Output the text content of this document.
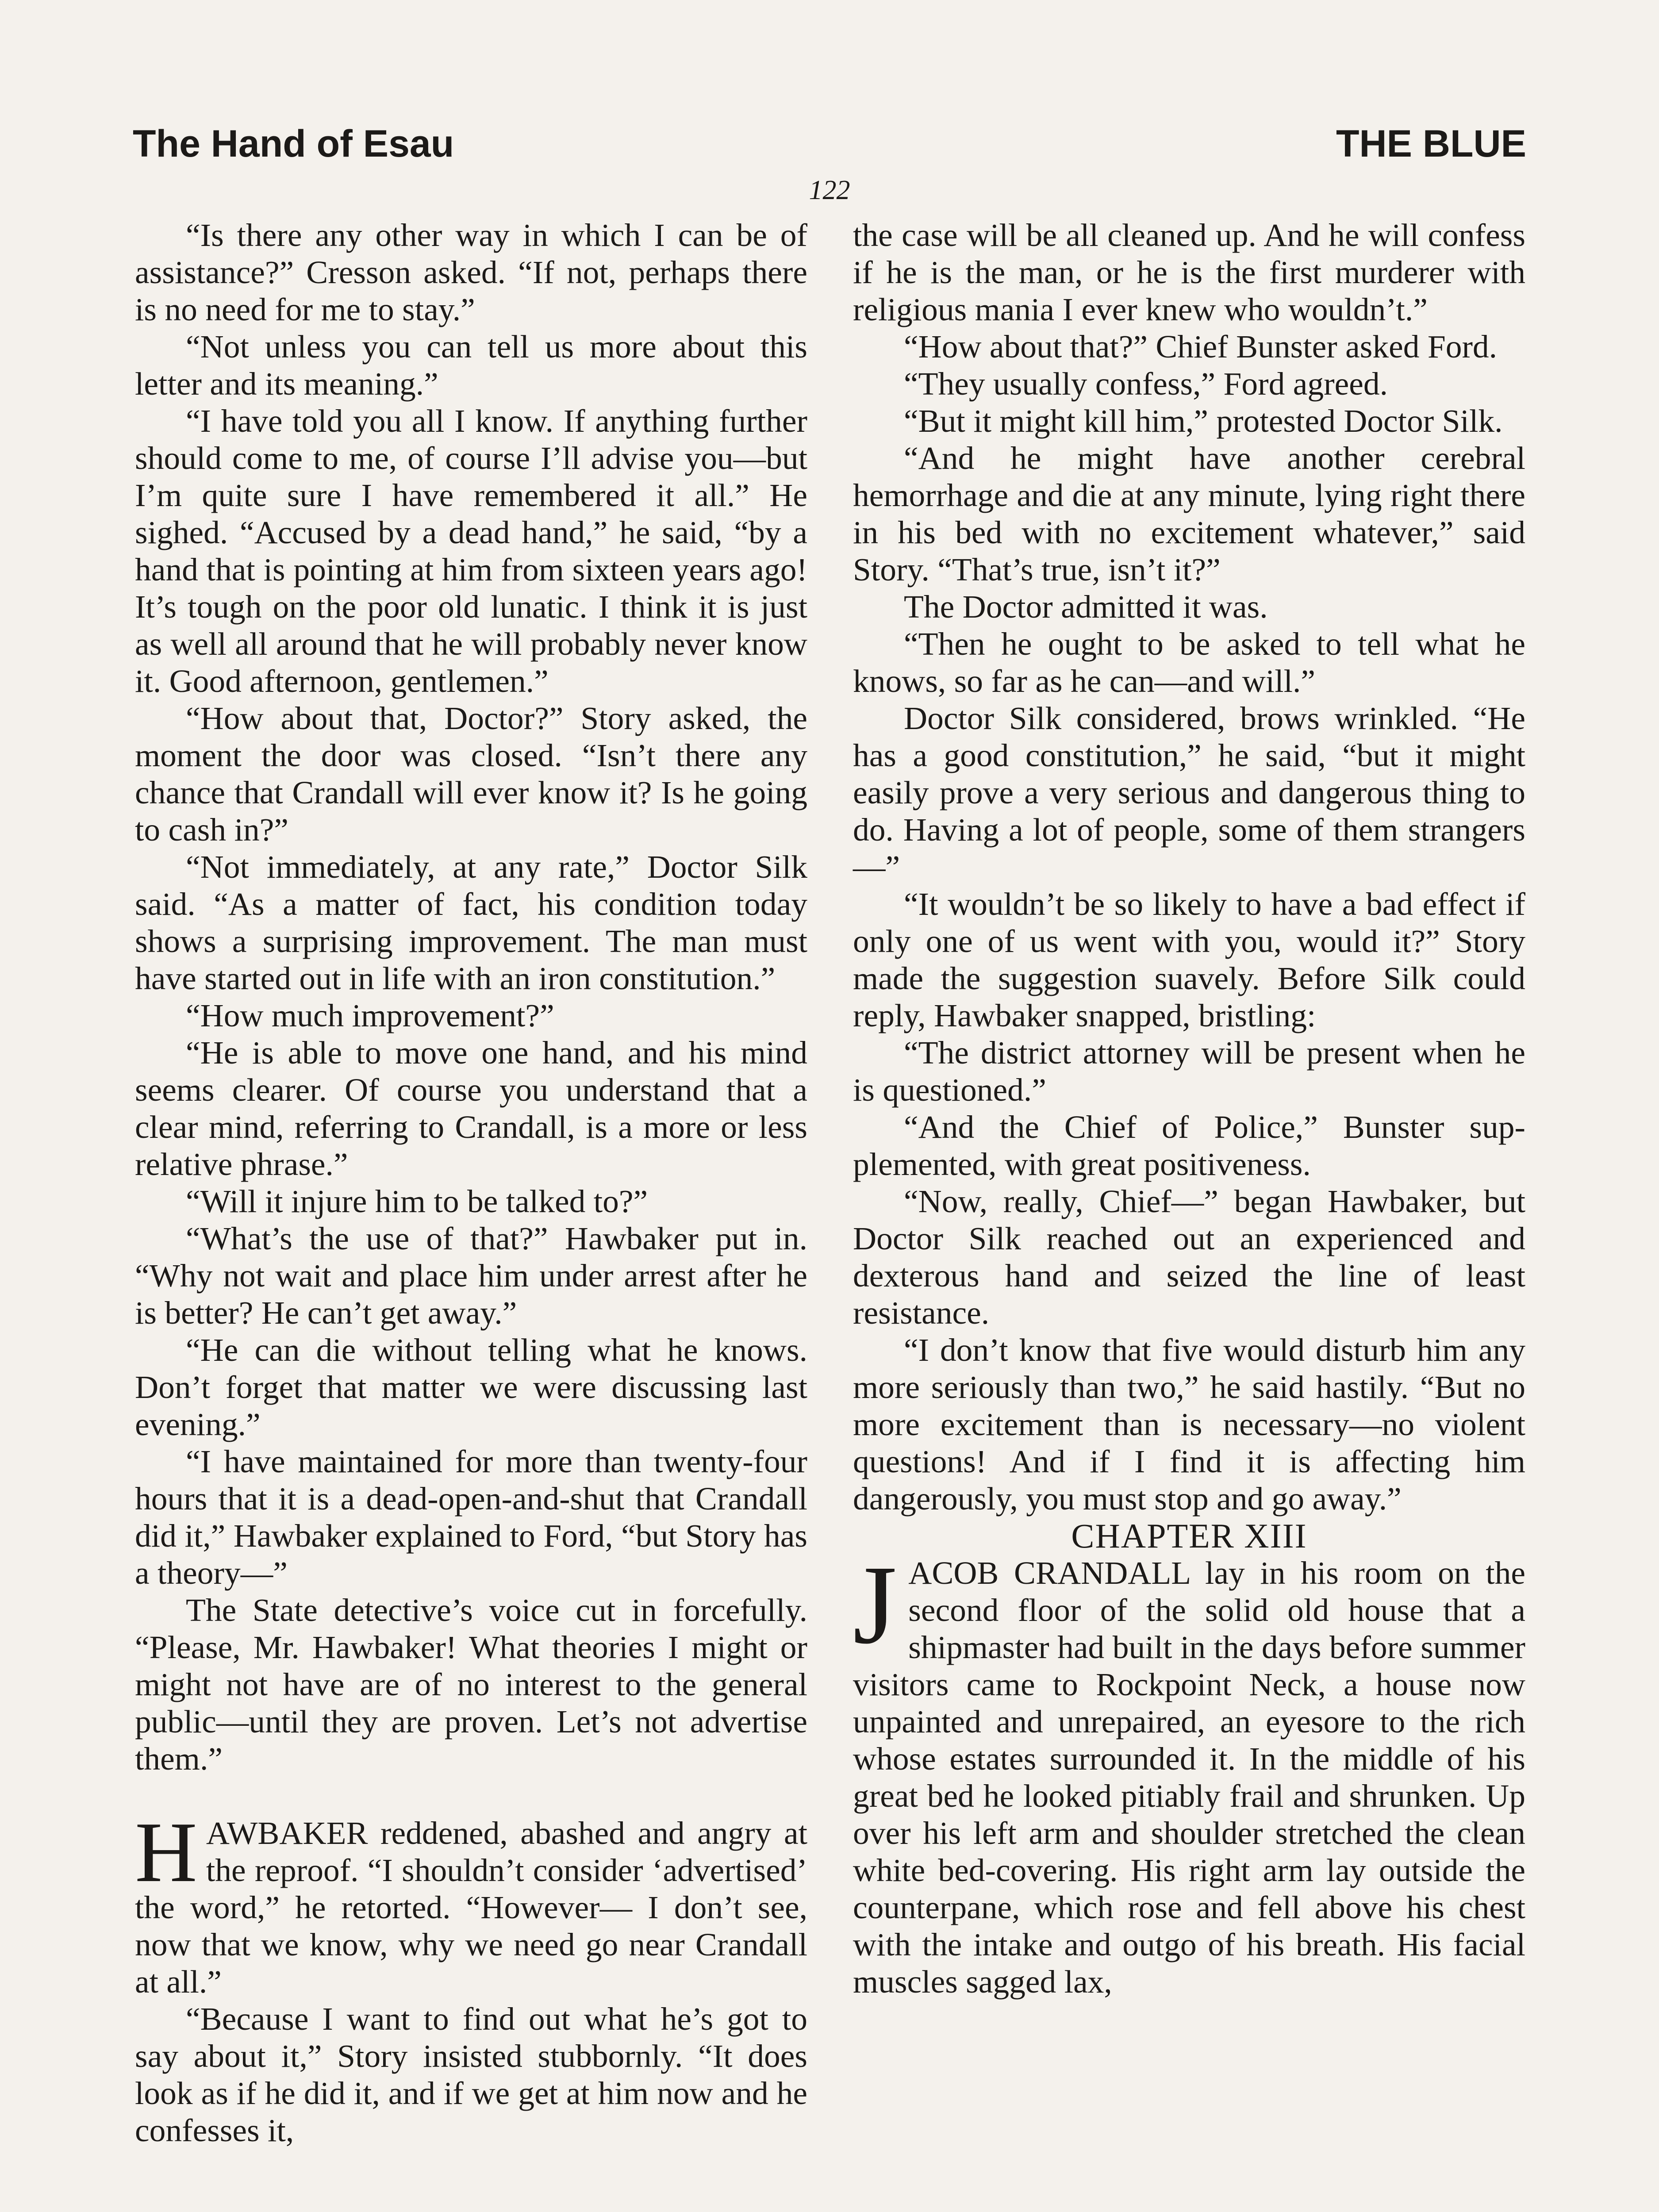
The Hand of Esau	THE BLUE
122

“Is there any other way in which I can be of assistance?” Cresson asked. “If not, perhaps there is no need for me to stay.”

“Not unless you can tell us more about this letter and its meaning.”

“I have told you all I know. If anything further should come to me, of course I’ll advise you—but I’m quite sure I have remembered it all.” He sighed. “Accused by a dead hand,” he said, “by a hand that is pointing at him from sixteen years ago! It’s tough on the poor old lunatic. I think it is just as well all around that he will probably never know it. Good afternoon, gentlemen.”

“How about that, Doctor?” Story asked, the moment the door was closed. “Isn’t there any chance that Crandall will ever know it? Is he going to cash in?”

“Not immediately, at any rate,” Doctor Silk said. “As a matter of fact, his condition today shows a surprising improvement. The man must have started out in life with an iron constitution.”

“How much improvement?”

“He is able to move one hand, and his mind seems clearer. Of course you understand that a clear mind, referring to Crandall, is a more or less relative phrase.”

“Will it injure him to be talked to?”

“What’s the use of that?” Hawbaker put in. “Why not wait and place him under arrest after he is better? He can’t get away.”

“He can die without telling what he knows. Don’t forget that matter we were discussing last evening.”

“I have maintained for more than twenty-four hours that it is a dead-open-and-shut that Crandall did it,” Hawbaker explained to Ford, “but Story has a theory—”

The State detective’s voice cut in forcefully. “Please, Mr. Hawbaker! What theories I might or might not have are of no interest to the general public—until they are proven. Let’s not advertise them.”

HAWBAKER reddened, abashed and angry at the reproof. “I shouldn’t consider ‘advertised’ the word,” he retorted. “However— I don’t see, now that we know, why we need go near Crandall at all.”

“Because I want to find out what he’s got to say about it,” Story insisted stubbornly. “It does look as if he did it, and if we get at him now and he confesses it,

the case will be all cleaned up. And he will confess if he is the man, or he is the first murderer with religious mania I ever knew who wouldn’t.”

“How about that?” Chief Bunster asked Ford.

“They usually confess,” Ford agreed.

“But it might kill him,” protested Doctor Silk.

“And he might have another cerebral hemorrhage and die at any minute, lying right there in his bed with no excitement whatever,” said Story. “That’s true, isn’t it?”

The Doctor admitted it was.

“Then he ought to be asked to tell what he knows, so far as he can—and will.”

Doctor Silk considered, brows wrinkled. “He has a good constitution,” he said, “but it might easily prove a very serious and dangerous thing to do. Having a lot of people, some of them strangers—”

“It wouldn’t be so likely to have a bad effect if only one of us went with you, would it?” Story made the suggestion suavely. Before Silk could reply, Hawbaker snapped, bristling:

“The district attorney will be present when he is questioned.”

“And the Chief of Police,” Bunster supplemented, with great positiveness.

“Now, really, Chief—” began Hawbaker, but Doctor Silk reached out an experienced and dexterous hand and seized the line of least resistance.

“I don’t know that five would disturb him any more seriously than two,” he said hastily. “But no more excitement than is necessary—no violent questions! And if I find it is affecting him dangerously, you must stop and go away.”

CHAPTER XIII

JACOB CRANDALL lay in his room on the second floor of the solid old house that a shipmaster had built in the days before summer visitors came to Rockpoint Neck, a house now unpainted and unrepaired, an eyesore to the rich whose estates surrounded it. In the middle of his great bed he looked pitiably frail and shrunken. Up over his left arm and shoulder stretched the clean white bed-covering. His right arm lay outside the counterpane, which rose and fell above his chest with the intake and outgo of his breath. His facial muscles sagged lax,
